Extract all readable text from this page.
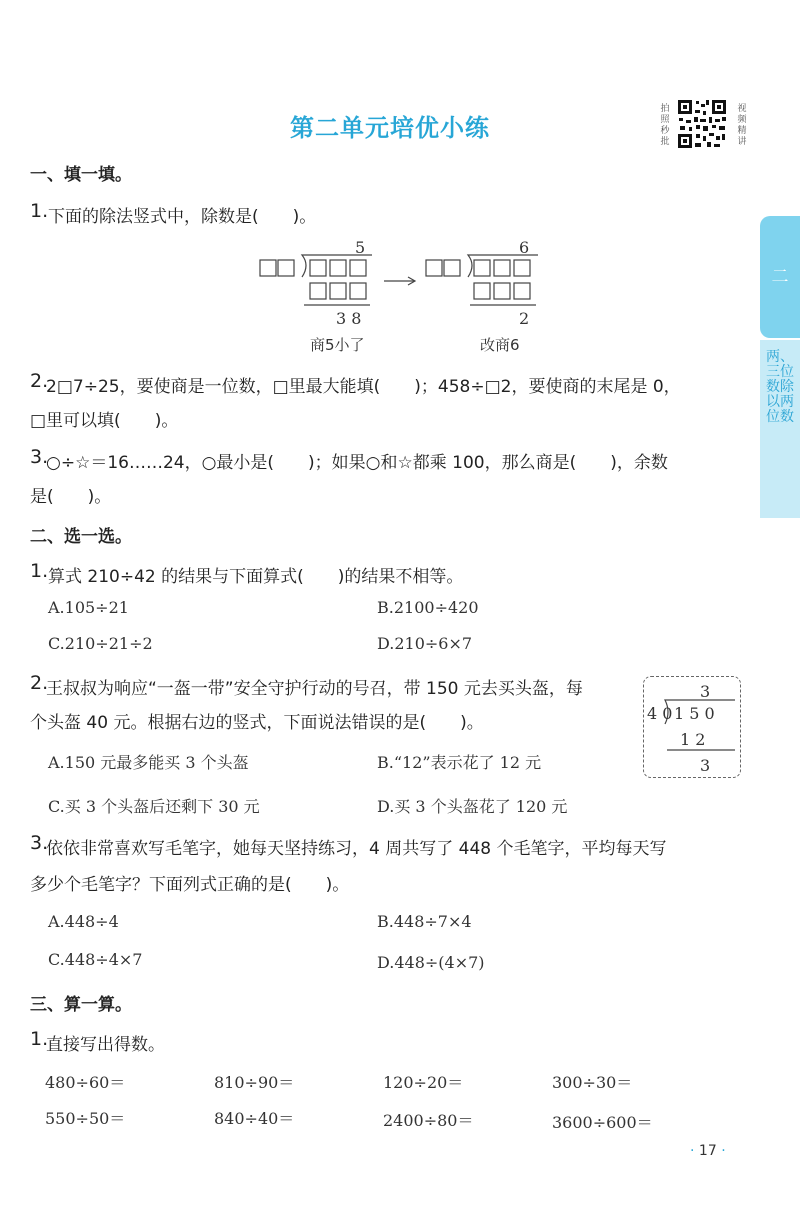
第二单元培优小练
拍照秒批
视频精讲
二
两、三位数除以两位数
一、填一填。
1. 下面的除法竖式中，除数是(　　)。
5
3 8
商5小了
6
2
改商6
2.
2□7÷25，要使商是一位数，□里最大能填(　　)；458÷□2，要使商的末尾是 0，
□里可以填(　　)。
3.
○÷☆＝16……24，○最小是(　　)；如果○和☆都乘 100，那么商是(　　)，余数
是(　　)。
二、选一选。
1. 算式 210÷42 的结果与下面算式(　　)的结果不相等。
A.105÷21	B.2100÷420
C.210÷21÷2	D.210÷6×7
2.
王叔叔为响应“一盔一带”安全守护行动的号召，带 150 元去买头盔，每
个头盔 40 元。根据右边的竖式，下面说法错误的是(　　)。
3
4 0 1 5 0
1 2
3
A.150 元最多能买 3 个头盔	B.“12”表示花了 12 元
C.买 3 个头盔后还剩下 30 元	D.买 3 个头盔花了 120 元
3.
依依非常喜欢写毛笔字，她每天坚持练习，4 周共写了 448 个毛笔字，平均每天写
多少个毛笔字？下面列式正确的是(　　)。
A.448÷4	B.448÷7×4
C.448÷4×7	D.448÷(4×7)
三、算一算。
1.
直接写出得数。
480÷60＝	810÷90＝	120÷20＝	300÷30＝
550÷50＝	840÷40＝	2400÷80＝	3600÷600＝
· 17 ·
